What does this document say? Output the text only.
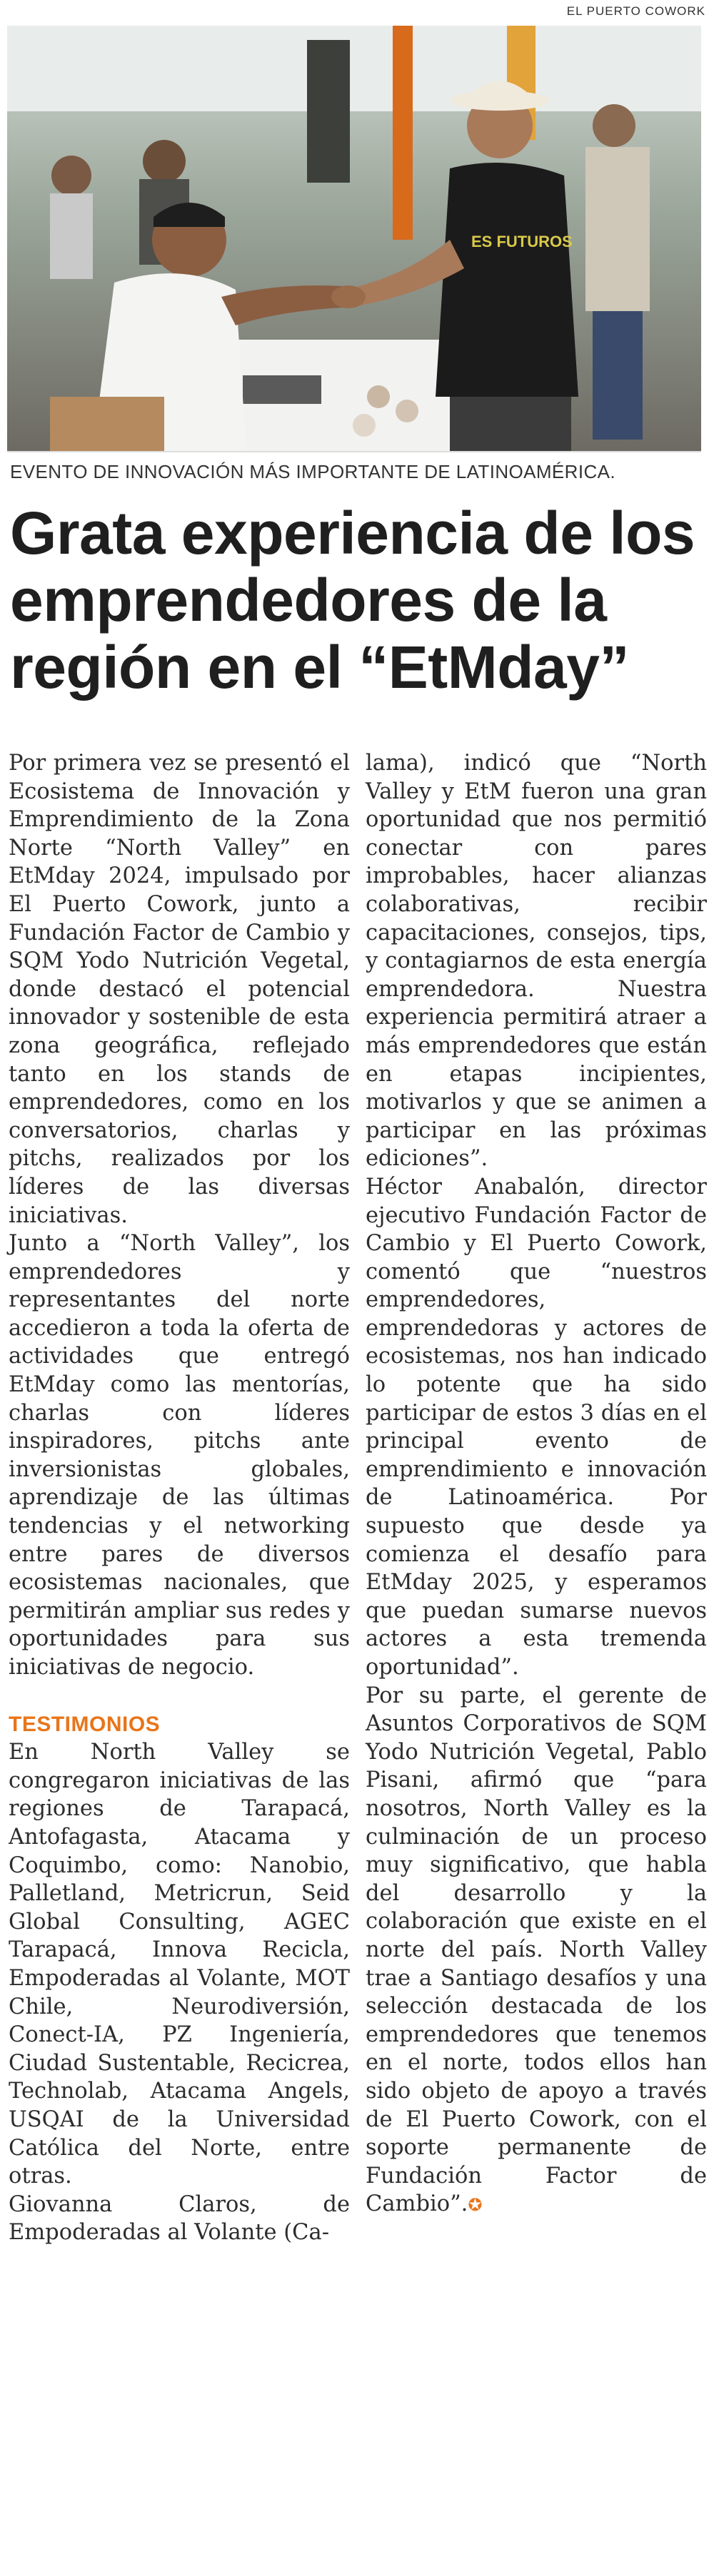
EL PUERTO COWORK
ES FUTUROS
EVENTO DE INNOVACIÓN MÁS IMPORTANTE DE LATINOAMÉRICA.
Grata experiencia de los emprendedores de la región en el “EtMday”

Por primera vez se presentó el Ecosistema de Innovación y Emprendimiento de la Zona Norte “North Valley” en EtMday 2024, impulsado por El Puerto Cowork, junto a Fundación Factor de Cambio y SQM Yodo Nutrición Vegetal, donde destacó el potencial innovador y sostenible de esta zona geográfica, reflejado tanto en los stands de emprendedores, como en los conversatorios, charlas y pitchs, realizados por los líderes de las diversas iniciativas.

Junto a “North Valley”, los emprendedores y representantes del norte accedieron a toda la oferta de actividades que entregó EtMday como las mentorías, charlas con líderes inspiradores, pitchs ante inversionistas globales, aprendizaje de las últimas tendencias y el networking entre pares de diversos ecosistemas nacionales, que permitirán ampliar sus redes y oportunidades para sus iniciativas de negocio.

TESTIMONIOS

En North Valley se congregaron iniciativas de las regiones de Tarapacá, Antofagasta, Atacama y Coquimbo, como: Nanobio, Palletland, Metricrun, Seid Global Consulting, AGEC Tarapacá, Innova Recicla, Empoderadas al Volante, MOT Chile, Neurodiversión, Conect-IA, PZ Ingeniería, Ciudad Sustentable, Recicrea, Technolab, Atacama Angels, USQAI de la Universidad Católica del Norte, entre otras.

Giovanna Claros, de Empoderadas al Volante (Ca-

lama), indicó que “North Valley y EtM fueron una gran oportunidad que nos permitió conectar con pares improbables, hacer alianzas colaborativas, recibir capacitaciones, consejos, tips, y contagiarnos de esta energía emprendedora. Nuestra experiencia permitirá atraer a más emprendedores que están en etapas incipientes, motivarlos y que se animen a participar en las próximas ediciones”.

Héctor Anabalón, director ejecutivo Fundación Factor de Cambio y El Puerto Cowork, comentó que “nuestros emprendedores, emprendedoras y actores de ecosistemas, nos han indicado lo potente que ha sido participar de estos 3 días en el principal evento de emprendimiento e innovación de Latinoamérica. Por supuesto que desde ya comienza el desafío para EtMday 2025, y esperamos que puedan sumarse nuevos actores a esta tremenda oportunidad”.

Por su parte, el gerente de Asuntos Corporativos de SQM Yodo Nutrición Vegetal, Pablo Pisani, afirmó que “para nosotros, North Valley es la culminación de un proceso muy significativo, que habla del desarrollo y la colaboración que existe en el norte del país. North Valley trae a Santiago desafíos y una selección destacada de los emprendedores que tenemos en el norte, todos ellos han sido objeto de apoyo a través de El Puerto Cowork, con el soporte permanente de Fundación Factor de Cambio”.✪
